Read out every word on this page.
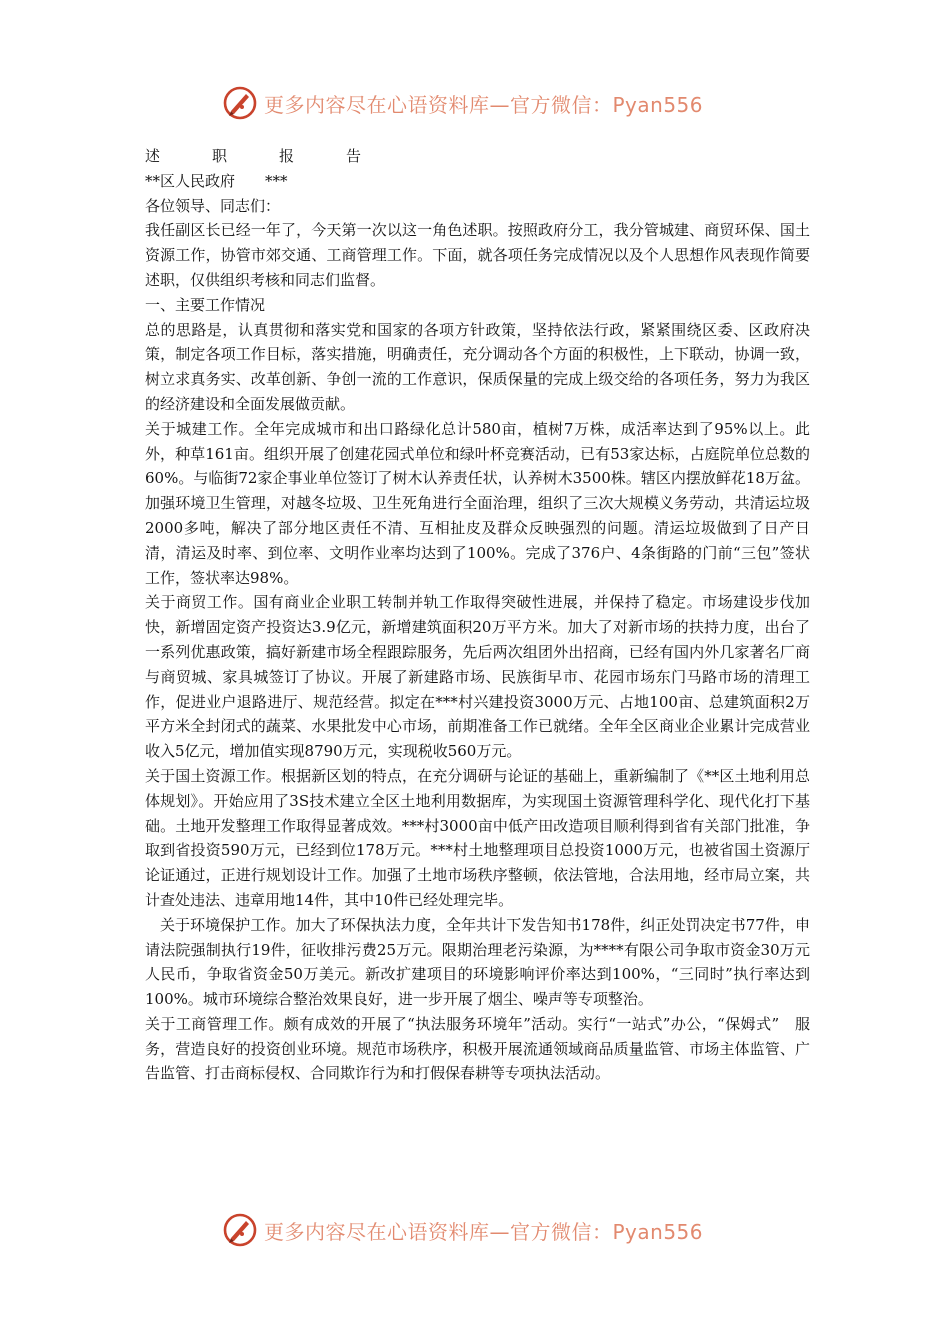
更多内容尽在心语资料库—官方微信：Pyan556

述	职	报	告

**区人民政府　　***

各位领导、同志们：

我任副区长已经一年了，今天第一次以这一角色述职。按照政府分工，我分管城建、商贸环保、国土资源工作，协管市郊交通、工商管理工作。下面，就各项任务完成情况以及个人思想作风表现作简要述职，仅供组织考核和同志们监督。

一、主要工作情况

总的思路是，认真贯彻和落实党和国家的各项方针政策，坚持依法行政，紧紧围绕区委、区政府决策，制定各项工作目标，落实措施，明确责任，充分调动各个方面的积极性，上下联动，协调一致，树立求真务实、改革创新、争创一流的工作意识，保质保量的完成上级交给的各项任务，努力为我区的经济建设和全面发展做贡献。

关于城建工作。全年完成城市和出口路绿化总计580亩，植树7万株，成活率达到了95%以上。此外，种草161亩。组织开展了创建花园式单位和绿叶杯竞赛活动，已有53家达标，占庭院单位总数的60%。与临街72家企事业单位签订了树木认养责任状，认养树木3500株。辖区内摆放鲜花18万盆。加强环境卫生管理，对越冬垃圾、卫生死角进行全面治理，组织了三次大规模义务劳动，共清运垃圾2000多吨，解决了部分地区责任不清、互相扯皮及群众反映强烈的问题。清运垃圾做到了日产日清，清运及时率、到位率、文明作业率均达到了100%。完成了376户、4条街路的门前“三包”签状工作，签状率达98%。

关于商贸工作。国有商业企业职工转制并轨工作取得突破性进展，并保持了稳定。市场建设步伐加快，新增固定资产投资达3.9亿元，新增建筑面积20万平方米。加大了对新市场的扶持力度，出台了一系列优惠政策，搞好新建市场全程跟踪服务，先后两次组团外出招商，已经有国内外几家著名厂商与商贸城、家具城签订了协议。开展了新建路市场、民族街早市、花园市场东门马路市场的清理工作，促进业户退路进厅、规范经营。拟定在***村兴建投资3000万元、占地100亩、总建筑面积2万平方米全封闭式的蔬菜、水果批发中心市场，前期准备工作已就绪。全年全区商业企业累计完成营业收入5亿元，增加值实现8790万元，实现税收560万元。

关于国土资源工作。根据新区划的特点，在充分调研与论证的基础上，重新编制了《**区土地利用总体规划》。开始应用了3S技术建立全区土地利用数据库，为实现国土资源管理科学化、现代化打下基础。土地开发整理工作取得显著成效。***村3000亩中低产田改造项目顺利得到省有关部门批准，争取到省投资590万元，已经到位178万元。***村土地整理项目总投资1000万元，也被省国土资源厅论证通过，正进行规划设计工作。加强了土地市场秩序整顿，依法管地，合法用地，经市局立案，共计查处违法、违章用地14件，其中10件已经处理完毕。

关于环境保护工作。加大了环保执法力度，全年共计下发告知书178件，纠正处罚决定书77件，申请法院强制执行19件，征收排污费25万元。限期治理老污染源，为****有限公司争取市资金30万元人民币，争取省资金50万美元。新改扩建项目的环境影响评价率达到100%，“三同时”执行率达到100%。城市环境综合整治效果良好，进一步开展了烟尘、噪声等专项整治。

关于工商管理工作。颇有成效的开展了“执法服务环境年”活动。实行“一站式”办公，“保姆式”　服务，营造良好的投资创业环境。规范市场秩序，积极开展流通领域商品质量监管、市场主体监管、广告监管、打击商标侵权、合同欺诈行为和打假保春耕等专项执法活动。

更多内容尽在心语资料库—官方微信：Pyan556
